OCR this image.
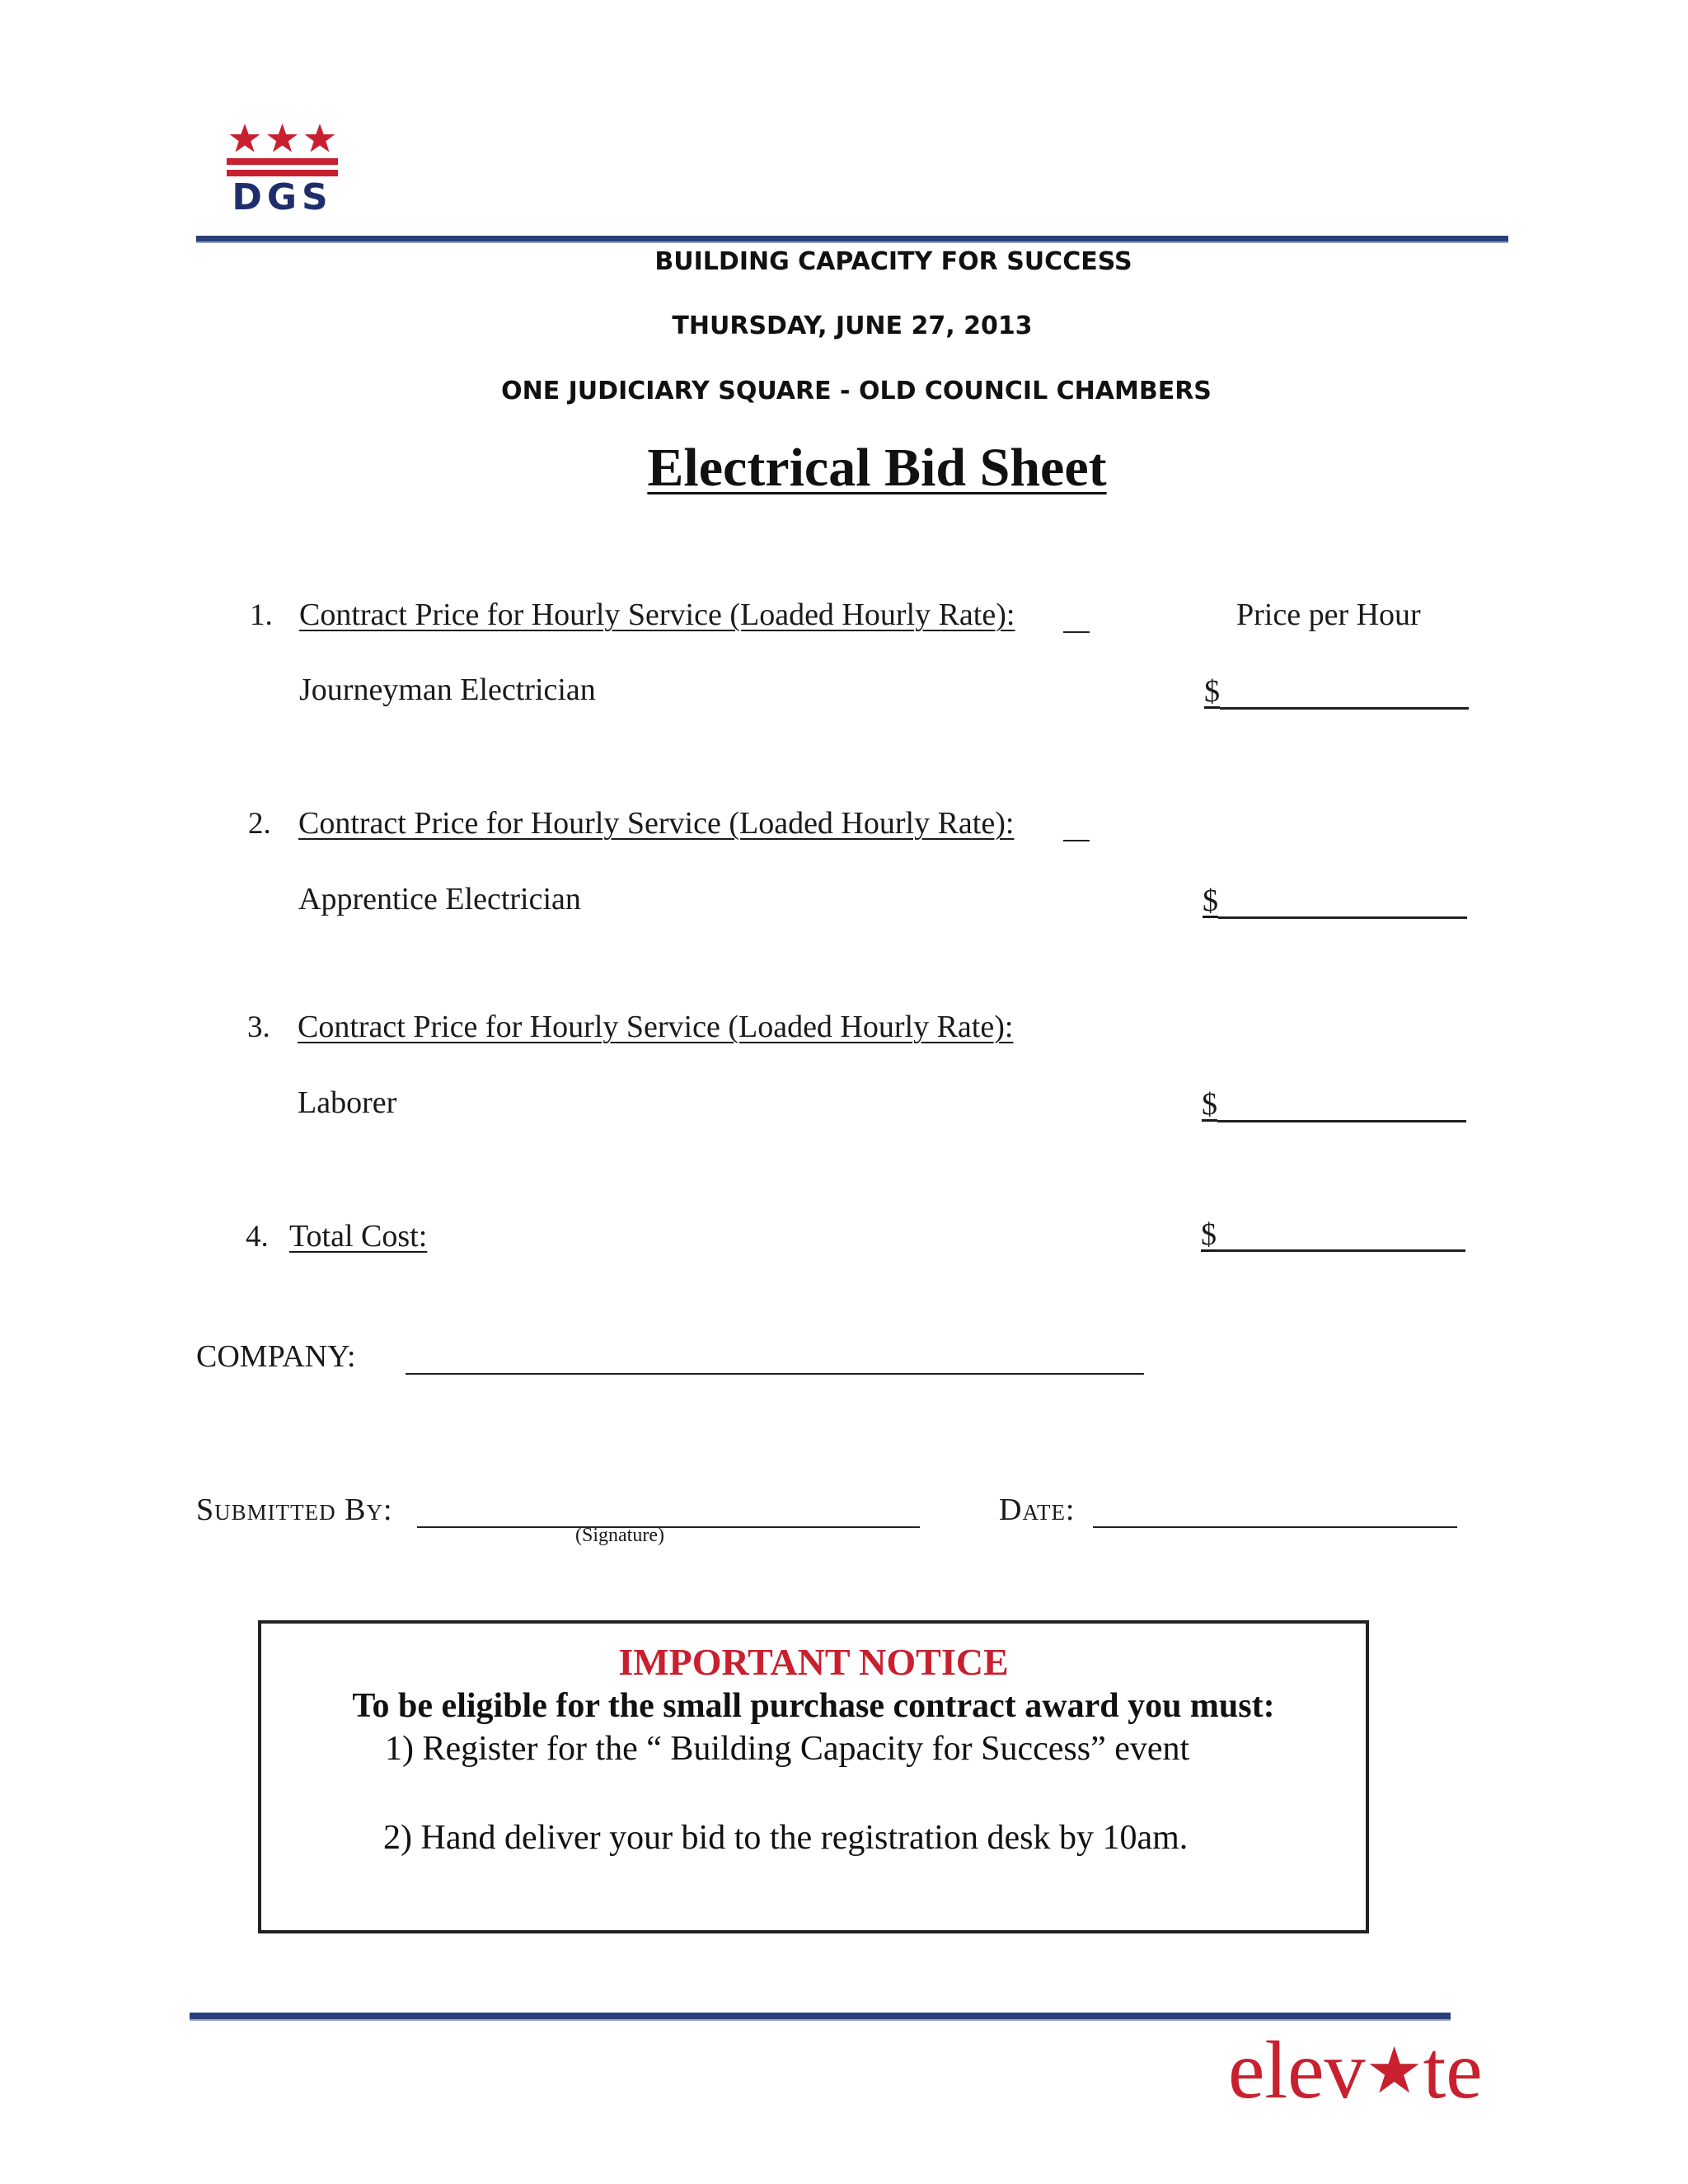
DGS
BUILDING CAPACITY FOR SUCCESS
THURSDAY, JUNE 27, 2013
ONE JUDICIARY SQUARE - OLD COUNCIL CHAMBERS
Electrical Bid Sheet
Price per Hour
1. Contract Price for Hourly Service (Loaded Hourly Rate):
Journeyman Electrician	$
2. Contract Price for Hourly Service (Loaded Hourly Rate):
Apprentice Electrician	$
3. Contract Price for Hourly Service (Loaded Hourly Rate):
Laborer	$
4. Total Cost:	$
COMPANY:
Submitted By:
(Signature)
Date:
IMPORTANT NOTICE
To be eligible for the small purchase contract award you must:
1) Register for the “ Building Capacity for Success” event
2) Hand deliver your bid to the registration desk by 10am.
elev★te
